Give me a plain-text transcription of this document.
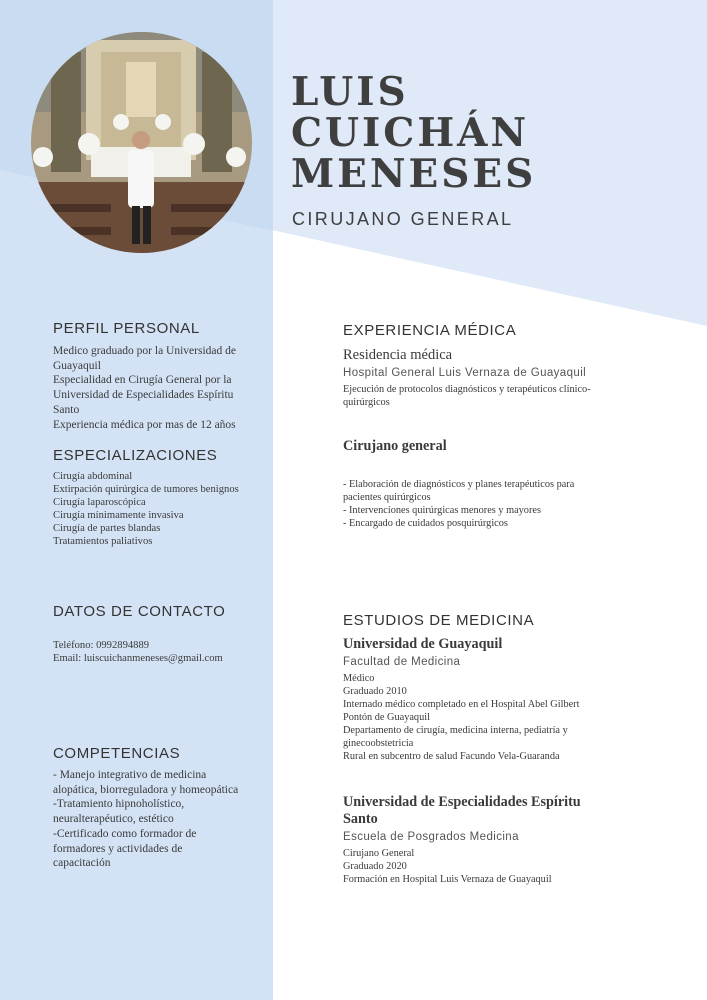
LUIS
CUICHÁN
MENESES
CIRUJANO GENERAL
PERFIL PERSONAL
Medico graduado por la Universidad de
Guayaquil
Especialidad en Cirugía General por la
Universidad de Especialidades Espíritu
Santo
Experiencia médica por mas de 12 años
ESPECIALIZACIONES
Cirugía abdominal
Extirpación quirúrgica de tumores benignos
Cirugía laparoscópica
Cirugía mínimamente invasiva
Cirugía de partes blandas
Tratamientos paliativos
DATOS DE CONTACTO
Teléfono: 0992894889
Email: luiscuichanmeneses@gmail.com
COMPETENCIAS
- Manejo integrativo de medicina
alopática, biorreguladora y homeopática
-Tratamiento hipnoholístico,
neuralterapéutico, estético
-Certificado como formador de
formadores y actividades de
capacitación
EXPERIENCIA MÉDICA
Residencia médica
Hospital General Luis Vernaza de Guayaquil
Ejecución de protocolos diagnósticos y terapéuticos clínico-
quirúrgicos
Cirujano general
- Elaboración de diagnósticos y planes terapéuticos para
pacientes quirúrgicos
- Intervenciones quirúrgicas menores y mayores
- Encargado de cuidados posquirúrgicos
ESTUDIOS DE MEDICINA
Universidad de Guayaquil
Facultad de Medicina
Médico
Graduado 2010
Internado médico completado en el Hospital Abel Gilbert
Pontón de Guayaquil
Departamento de cirugía, medicina interna, pediatría y
ginecoobstetricia
Rural en subcentro de salud Facundo Vela-Guaranda
Universidad de Especialidades Espíritu
Santo
Escuela de Posgrados Medicina
Cirujano General
Graduado 2020
Formación en Hospital Luis Vernaza de Guayaquil
